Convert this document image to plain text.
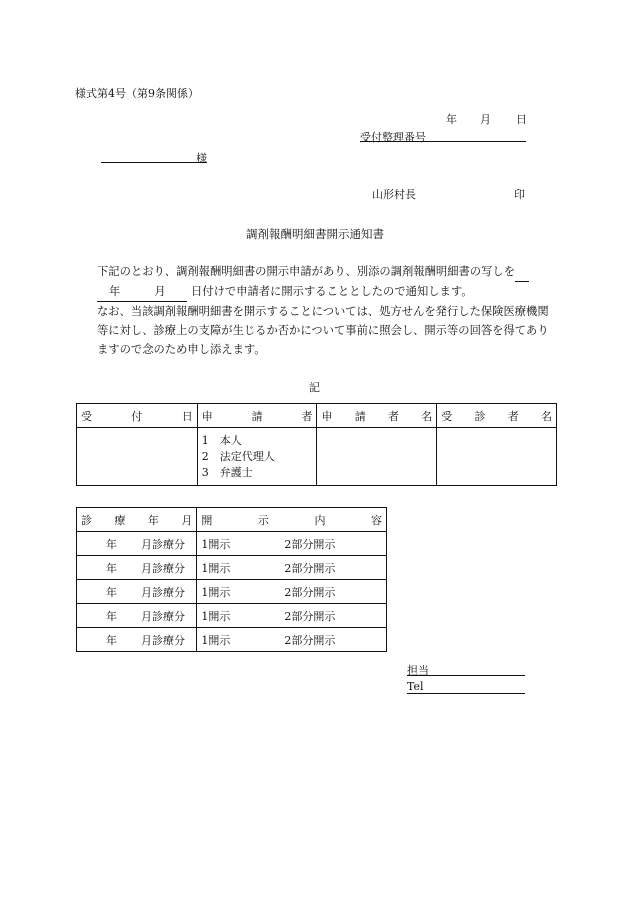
様式第4号（第9条関係）
年 月 日
受付整理番号
様
山形村長	印
調剤報酬明細書開示通知書

下記のとおり、調剤報酬明細書の開示申請があり、別添の調剤報酬明細書の写しを
年	月 日付けで申請者に開示することとしたので通知します。

なお、当該調剤報酬明細書を開示することについては、処方せんを発行した保険医療機関等に対し、診療上の支障が生じるか否かについて事前に照会し、開示等の回答を得てありますので念のため申し添えます。

記
受 付 日	申 請 者	申 請 者 名	受 診 者 名

	1 本人
2 法定代理人
3 弁護士		

診 療 年 月	開 示 内 容

年 月診療分	1開示 2部分開示
年 月診療分	1開示 2部分開示
年 月診療分	1開示 2部分開示
年 月診療分	1開示 2部分開示
年 月診療分	1開示 2部分開示
担当
Tel
